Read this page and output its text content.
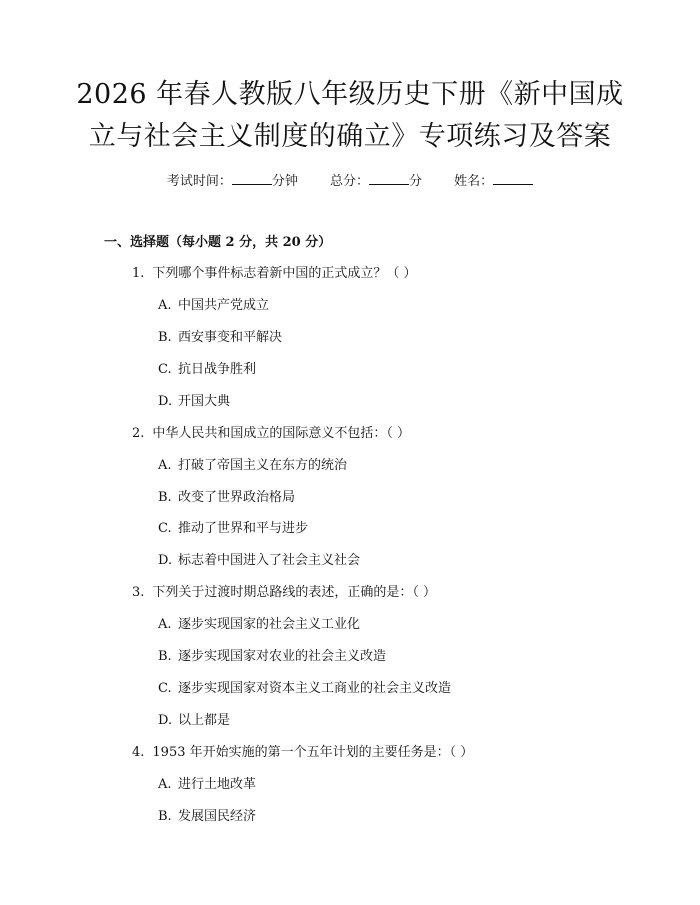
2026 年春人教版八年级历史下册《新中国成
立与社会主义制度的确立》专项练习及答案
考试时间：	分钟 总分：	分 姓名：
一、选择题（每小题 2 分，共 20 分）
1. 下列哪个事件标志着新中国的正式成立？（ ）
A. 中国共产党成立
B. 西安事变和平解决
C. 抗日战争胜利
D. 开国大典
2. 中华人民共和国成立的国际意义不包括：（ ）
A. 打破了帝国主义在东方的统治
B. 改变了世界政治格局
C. 推动了世界和平与进步
D. 标志着中国进入了社会主义社会
3. 下列关于过渡时期总路线的表述，正确的是：（ ）
A. 逐步实现国家的社会主义工业化
B. 逐步实现国家对农业的社会主义改造
C. 逐步实现国家对资本主义工商业的社会主义改造
D. 以上都是
4. 1953 年开始实施的第一个五年计划的主要任务是：（ ）
A. 进行土地改革
B. 发展国民经济
